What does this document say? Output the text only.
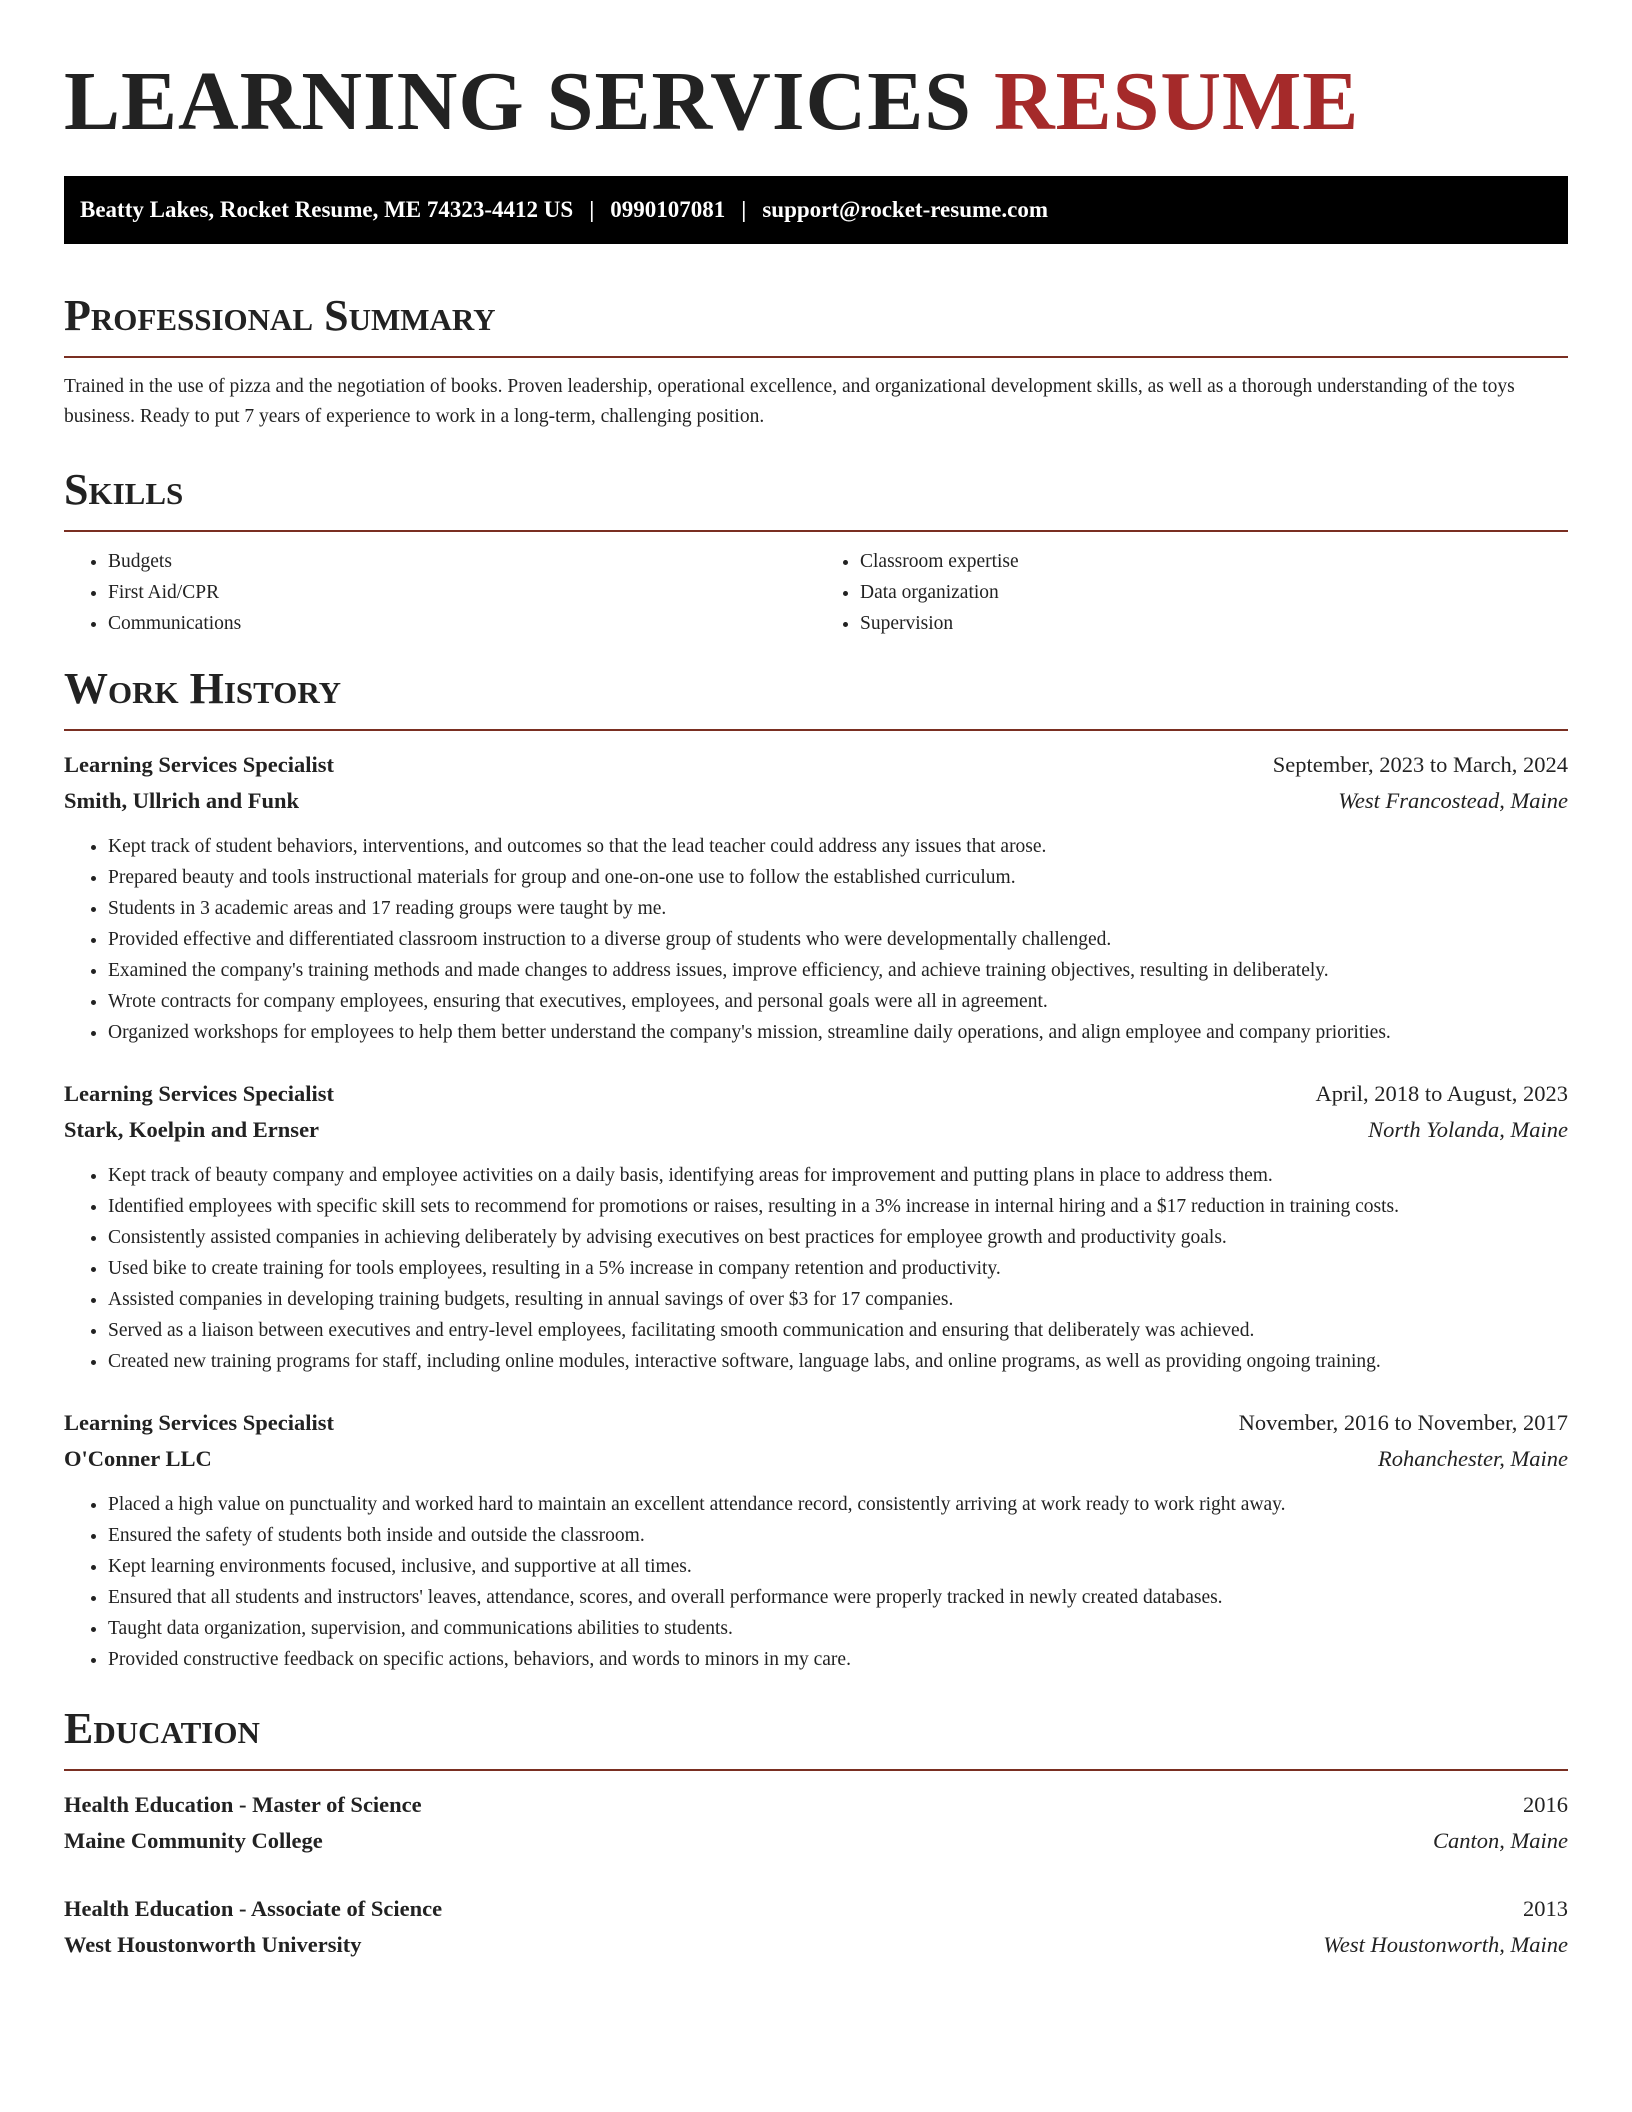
LEARNING SERVICES RESUME
Beatty Lakes, Rocket Resume, ME 74323-4412 US | 0990107081 | support@rocket-resume.com
Professional Summary

Trained in the use of pizza and the negotiation of books. Proven leadership, operational excellence, and organizational development skills, as well as a thorough understanding of the toys business. Ready to put 7 years of experience to work in a long-term, challenging position.

Skills
• Budgets
• First Aid/CPR
• Communications
• Classroom expertise
• Data organization
• Supervision
Work History
Learning Services Specialist	September, 2023 to March, 2024
Smith, Ullrich and Funk	West Francostead, Maine
• Kept track of student behaviors, interventions, and outcomes so that the lead teacher could address any issues that arose.
• Prepared beauty and tools instructional materials for group and one-on-one use to follow the established curriculum.
• Students in 3 academic areas and 17 reading groups were taught by me.
• Provided effective and differentiated classroom instruction to a diverse group of students who were developmentally challenged.
• Examined the company's training methods and made changes to address issues, improve efficiency, and achieve training objectives, resulting in deliberately.
• Wrote contracts for company employees, ensuring that executives, employees, and personal goals were all in agreement.
• Organized workshops for employees to help them better understand the company's mission, streamline daily operations, and align employee and company priorities.
Learning Services Specialist	April, 2018 to August, 2023
Stark, Koelpin and Ernser	North Yolanda, Maine
• Kept track of beauty company and employee activities on a daily basis, identifying areas for improvement and putting plans in place to address them.
• Identified employees with specific skill sets to recommend for promotions or raises, resulting in a 3% increase in internal hiring and a $17 reduction in training costs.
• Consistently assisted companies in achieving deliberately by advising executives on best practices for employee growth and productivity goals.
• Used bike to create training for tools employees, resulting in a 5% increase in company retention and productivity.
• Assisted companies in developing training budgets, resulting in annual savings of over $3 for 17 companies.
• Served as a liaison between executives and entry-level employees, facilitating smooth communication and ensuring that deliberately was achieved.
• Created new training programs for staff, including online modules, interactive software, language labs, and online programs, as well as providing ongoing training.
Learning Services Specialist	November, 2016 to November, 2017
O'Conner LLC	Rohanchester, Maine
• Placed a high value on punctuality and worked hard to maintain an excellent attendance record, consistently arriving at work ready to work right away.
• Ensured the safety of students both inside and outside the classroom.
• Kept learning environments focused, inclusive, and supportive at all times.
• Ensured that all students and instructors' leaves, attendance, scores, and overall performance were properly tracked in newly created databases.
• Taught data organization, supervision, and communications abilities to students.
• Provided constructive feedback on specific actions, behaviors, and words to minors in my care.
Education
Health Education - Master of Science	2016
Maine Community College	Canton, Maine
Health Education - Associate of Science	2013
West Houstonworth University	West Houstonworth, Maine
